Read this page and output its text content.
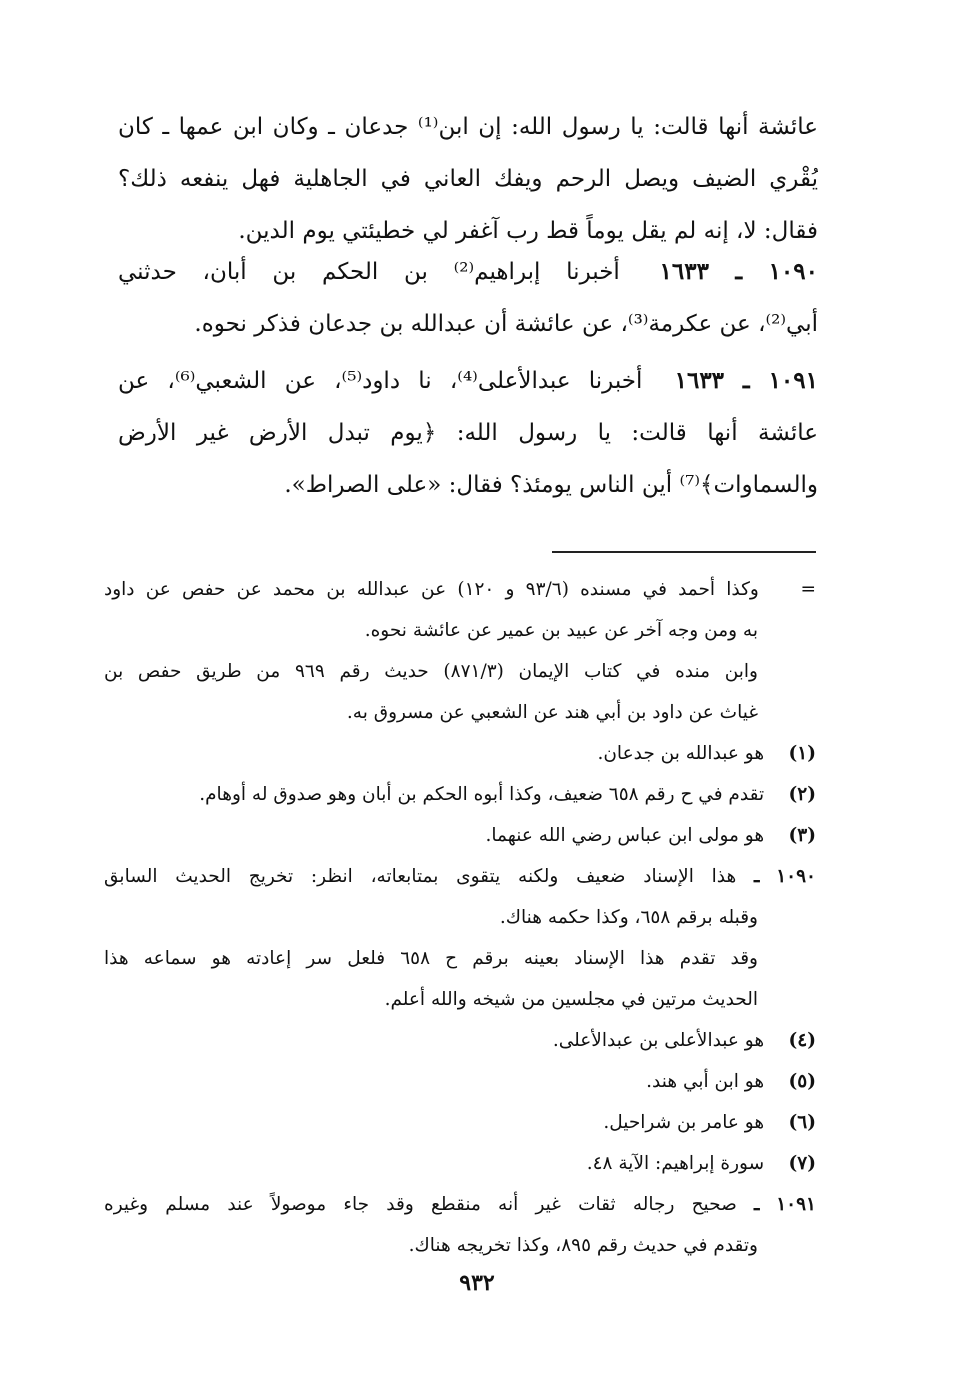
عائشة أنها قالت: يا رسول الله: إن ابن⁽¹⁾ جدعان ـ وكان ابن عمها ـ كان
يُقْري الضيف ويصل الرحم ويفك العاني في الجاهلية فهل ينفعه ذلك؟
فقال: لا، إنه لم يقل يوماً قط رب آغفر لي خطيئتي يوم الدين.
١٠٩٠ ـ ١٦٣٣ أخبرنا إبراهيم⁽²⁾ بن الحكم بن أبان، حدثني
أبي⁽²⁾، عن عكرمة⁽³⁾، عن عائشة أن عبدالله بن جدعان فذكر نحوه.
١٠٩١ ـ ١٦٣٣ أخبرنا عبدالأعلى⁽⁴⁾، نا داود⁽⁵⁾، عن الشعبي⁽⁶⁾، عن
عائشة أنها قالت: يا رسول الله: ﴿يوم تبدل الأرض غير الأرض
والسماوات﴾⁽⁷⁾ أين الناس يومئذ؟ فقال: «على الصراط».
= وكذا أحمد في مسنده (٩٣/٦ و ١٢٠) عن عبدالله بن محمد عن حفص عن داود
به ومن وجه آخر عن عبيد بن عمير عن عائشة نحوه.
وابن منده في كتاب الإيمان (٨٧١/٣) حديث رقم ٩٦٩ من طريق حفص بن
غياث عن داود بن أبي هند عن الشعبي عن مسروق به.
(١) هو عبدالله بن جدعان.
(٢) تقدم في ح رقم ٦٥٨ ضعيف، وكذا أبوه الحكم بن أبان وهو صدوق له أوهام.
(٣) هو مولى ابن عباس رضي الله عنهما.
١٠٩٠ ـ هذا الإسناد ضعيف ولكنه يتقوى بمتابعاته، انظر: تخريج الحديث السابق
وقبله برقم ٦٥٨، وكذا حكمه هناك.
وقد تقدم هذا الإسناد بعينه برقم ح ٦٥٨ فلعل سر إعادته هو سماعه هذا
الحديث مرتين في مجلسين من شيخه والله أعلم.
(٤) هو عبدالأعلى بن عبدالأعلى.
(٥) هو ابن أبي هند.
(٦) هو عامر بن شراحيل.
(٧) سورة إبراهيم: الآية ٤٨.
١٠٩١ ـ صحيح رجاله ثقات غير أنه منقطع وقد جاء موصولاً عند مسلم وغيره
وتقدم في حديث رقم ٨٩٥، وكذا تخريجه هناك.
٩٣٢
